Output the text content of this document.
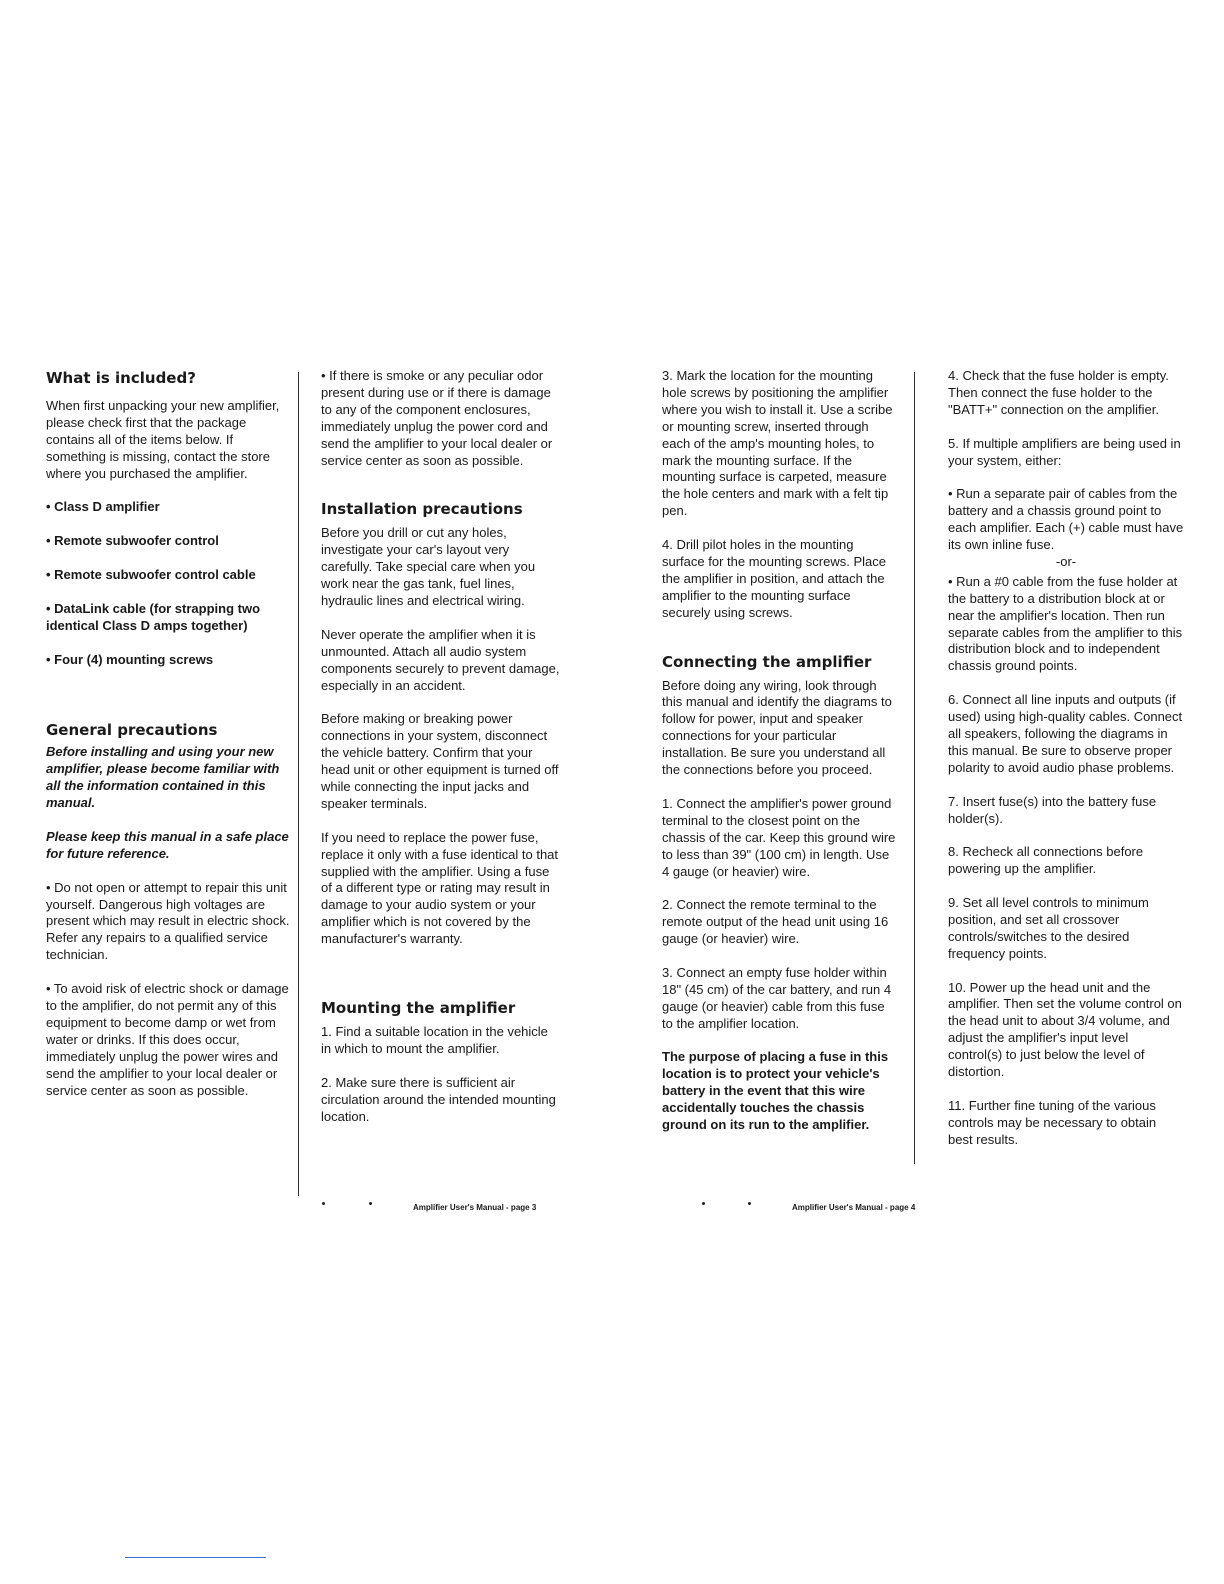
What is included?

When first unpacking your new amplifier, please check first that the package contains all of the items below. If something is missing, contact the store where you purchased the amplifier.

• Class D amplifier

• Remote subwoofer control

• Remote subwoofer control cable

• DataLink cable (for strapping two identical Class D amps together)

• Four (4) mounting screws

General precautions

Before installing and using your new amplifier, please become familiar with all the information contained in this manual.

Please keep this manual in a safe place for future reference.

• Do not open or attempt to repair this unit yourself. Dangerous high voltages are present which may result in electric shock. Refer any repairs to a qualified service technician.

• To avoid risk of electric shock or damage to the amplifier, do not permit any of this equipment to become damp or wet from water or drinks. If this does occur, immediately unplug the power wires and send the amplifier to your local dealer or service center as soon as possible.

• If there is smoke or any peculiar odor present during use or if there is damage to any of the component enclosures, immediately unplug the power cord and send the amplifier to your local dealer or service center as soon as possible.

Installation precautions

Before you drill or cut any holes, investigate your car's layout very carefully. Take special care when you work near the gas tank, fuel lines, hydraulic lines and electrical wiring.

Never operate the amplifier when it is unmounted. Attach all audio system components securely to prevent damage, especially in an accident.

Before making or breaking power connections in your system, disconnect the vehicle battery. Confirm that your head unit or other equipment is turned off while connecting the input jacks and speaker terminals.

If you need to replace the power fuse, replace it only with a fuse identical to that supplied with the amplifier. Using a fuse of a different type or rating may result in damage to your audio system or your amplifier which is not covered by the manufacturer's warranty.

Mounting the amplifier

1. Find a suitable location in the vehicle in which to mount the amplifier.

2. Make sure there is sufficient air circulation around the intended mounting location.

3. Mark the location for the mounting hole screws by positioning the amplifier where you wish to install it. Use a scribe or mounting screw, inserted through each of the amp's mounting holes, to mark the mounting surface. If the mounting surface is carpeted, measure the hole centers and mark with a felt tip pen.

4. Drill pilot holes in the mounting surface for the mounting screws. Place the amplifier in position, and attach the amplifier to the mounting surface securely using screws.

Connecting the amplifier

Before doing any wiring, look through this manual and identify the diagrams to follow for power, input and speaker connections for your particular installation. Be sure you understand all the connections before you proceed.

1. Connect the amplifier's power ground terminal to the closest point on the chassis of the car. Keep this ground wire to less than 39" (100 cm) in length. Use 4 gauge (or heavier) wire.

2. Connect the remote terminal to the remote output of the head unit using 16 gauge (or heavier) wire.

3. Connect an empty fuse holder within 18" (45 cm) of the car battery, and run 4 gauge (or heavier) cable from this fuse to the amplifier location.

The purpose of placing a fuse in this location is to protect your vehicle's battery in the event that this wire accidentally touches the chassis ground on its run to the amplifier.

4. Check that the fuse holder is empty. Then connect the fuse holder to the "BATT+" connection on the amplifier.

5. If multiple amplifiers are being used in your system, either:

• Run a separate pair of cables from the battery and a chassis ground point to each amplifier. Each (+) cable must have its own inline fuse.

-or-

• Run a #0 cable from the fuse holder at the battery to a distribution block at or near the amplifier's location. Then run separate cables from the amplifier to this distribution block and to independent chassis ground points.

6. Connect all line inputs and outputs (if used) using high-quality cables. Connect all speakers, following the diagrams in this manual. Be sure to observe proper polarity to avoid audio phase problems.

7. Insert fuse(s) into the battery fuse holder(s).

8. Recheck all connections before powering up the amplifier.

9. Set all level controls to minimum position, and set all crossover controls/switches to the desired frequency points.

10. Power up the head unit and the amplifier. Then set the volume control on the head unit to about 3/4 volume, and adjust the amplifier's input level control(s) to just below the level of distortion.

11. Further fine tuning of the various controls may be necessary to obtain best results.

Amplifier User's Manual - page 3	Amplifier User's Manual - page 4
